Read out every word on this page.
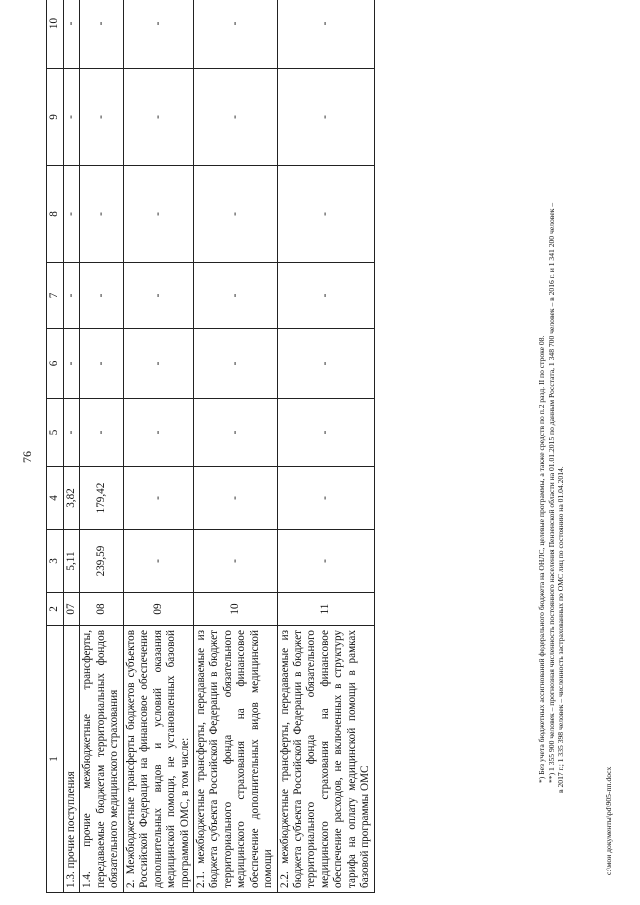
76
1	2	3	4	5	6	7	8	9	10
1.3. прочие поступления	07	5,11	3,82	-	-	-	-	-	-
1.4. прочие межбюджетные трансферты, передаваемые бюджетам территориальных фондов обязательного медицинского страхования	08	239,59	179,42	-	-	-	-	-	-
2. Межбюджетные трансферты бюджетов субъектов Российской Федерации на финансовое обеспечение дополнительных видов и условий оказания медицинской помощи, не установленных базовой программой ОМС, в том числе:	09	-	-	-	-	-	-	-	-
2.1. межбюджетные трансферты, передаваемые из бюджета субъекта Российской Федерации в бюджет территориального фонда обязательного медицинского страхования на финансовое обеспечение дополнительных видов медицинской помощи	10	-	-	-	-	-	-	-	-
2.2. межбюджетные трансферты, передаваемые из бюджета субъекта Российской Федерации в бюджет территориального фонда обязательного медицинского страхования на финансовое обеспечение расходов, не включенных в структуру тарифа на оплату медицинской помощи в рамках базовой программы ОМС	11	-	-	-	-	-	-	-	-
*) Без учета бюджетных ассигнований федерального бюджета на ОНЛС, целевые программы, а также средств по п.2 разд. II по строке 08. **) 1 355 900 человек – прогнозная численность постоянного населения Пензенской области на 01.01.2015 по данным Росстата, 1 348 700 человек – в 2016 г. и 1 341 200 человек – в 2017 г.; 1 335 398 человек – численность застрахованных по ОМС лиц по состоянию на 01.04.2014.
c:\мои документы\pd\905-пп.docx
